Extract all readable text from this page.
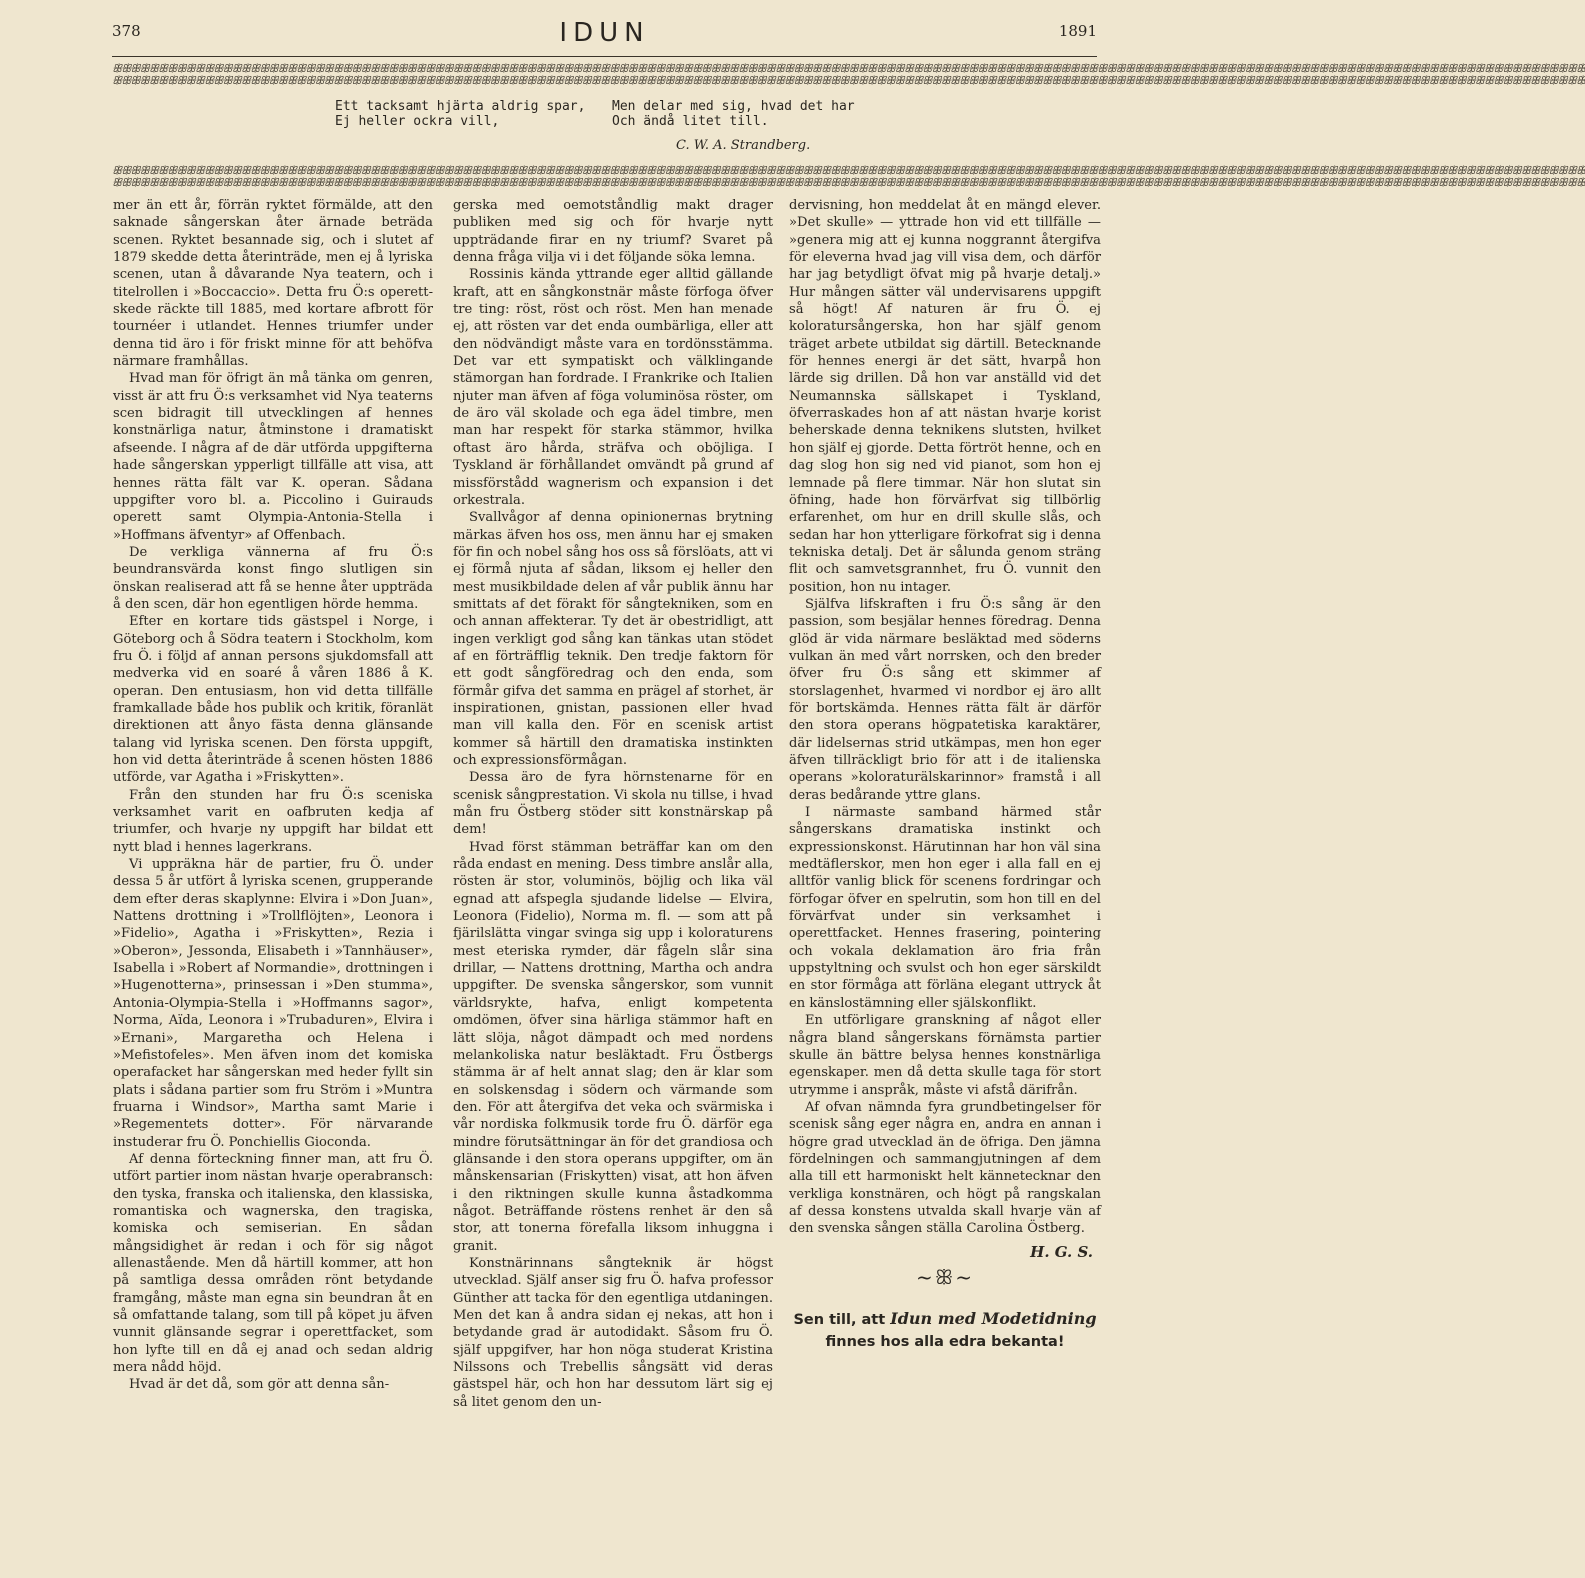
378	IDUN	1891
ꕥꕥꕥꕥꕥꕥꕥꕥꕥꕥꕥꕥꕥꕥꕥꕥꕥꕥꕥꕥꕥꕥꕥꕥꕥꕥꕥꕥꕥꕥꕥꕥꕥꕥꕥꕥꕥꕥꕥꕥꕥꕥꕥꕥꕥꕥꕥꕥꕥꕥꕥꕥꕥꕥꕥꕥꕥꕥꕥꕥꕥꕥꕥꕥꕥꕥꕥꕥꕥꕥꕥꕥꕥꕥꕥꕥꕥꕥꕥꕥꕥꕥꕥꕥꕥꕥꕥꕥꕥꕥꕥꕥꕥꕥꕥꕥꕥꕥꕥꕥꕥꕥꕥꕥꕥꕥꕥꕥꕥꕥꕥꕥꕥꕥꕥꕥꕥꕥꕥꕥꕥꕥꕥꕥꕥꕥꕥꕥꕥꕥꕥꕥꕥꕥꕥꕥꕥꕥꕥꕥꕥꕥꕥꕥꕥꕥꕥꕥꕥꕥꕥꕥꕥꕥꕥꕥꕥꕥꕥꕥ
ꕥꕥꕥꕥꕥꕥꕥꕥꕥꕥꕥꕥꕥꕥꕥꕥꕥꕥꕥꕥꕥꕥꕥꕥꕥꕥꕥꕥꕥꕥꕥꕥꕥꕥꕥꕥꕥꕥꕥꕥꕥꕥꕥꕥꕥꕥꕥꕥꕥꕥꕥꕥꕥꕥꕥꕥꕥꕥꕥꕥꕥꕥꕥꕥꕥꕥꕥꕥꕥꕥꕥꕥꕥꕥꕥꕥꕥꕥꕥꕥꕥꕥꕥꕥꕥꕥꕥꕥꕥꕥꕥꕥꕥꕥꕥꕥꕥꕥꕥꕥꕥꕥꕥꕥꕥꕥꕥꕥꕥꕥꕥꕥꕥꕥꕥꕥꕥꕥꕥꕥꕥꕥꕥꕥꕥꕥꕥꕥꕥꕥꕥꕥꕥꕥꕥꕥꕥꕥꕥꕥꕥꕥꕥꕥꕥꕥꕥꕥꕥꕥꕥꕥꕥꕥꕥꕥꕥꕥꕥꕥ
Ett tacksamt hjärta aldrig spar,
Ej heller ockra vill,
Men delar med sig, hvad det har
Och ändå litet till.
C. W. A. Strandberg.
ꕥꕥꕥꕥꕥꕥꕥꕥꕥꕥꕥꕥꕥꕥꕥꕥꕥꕥꕥꕥꕥꕥꕥꕥꕥꕥꕥꕥꕥꕥꕥꕥꕥꕥꕥꕥꕥꕥꕥꕥꕥꕥꕥꕥꕥꕥꕥꕥꕥꕥꕥꕥꕥꕥꕥꕥꕥꕥꕥꕥꕥꕥꕥꕥꕥꕥꕥꕥꕥꕥꕥꕥꕥꕥꕥꕥꕥꕥꕥꕥꕥꕥꕥꕥꕥꕥꕥꕥꕥꕥꕥꕥꕥꕥꕥꕥꕥꕥꕥꕥꕥꕥꕥꕥꕥꕥꕥꕥꕥꕥꕥꕥꕥꕥꕥꕥꕥꕥꕥꕥꕥꕥꕥꕥꕥꕥꕥꕥꕥꕥꕥꕥꕥꕥꕥꕥꕥꕥꕥꕥꕥꕥꕥꕥꕥꕥꕥꕥꕥꕥꕥꕥꕥꕥꕥꕥꕥꕥꕥꕥ
ꕥꕥꕥꕥꕥꕥꕥꕥꕥꕥꕥꕥꕥꕥꕥꕥꕥꕥꕥꕥꕥꕥꕥꕥꕥꕥꕥꕥꕥꕥꕥꕥꕥꕥꕥꕥꕥꕥꕥꕥꕥꕥꕥꕥꕥꕥꕥꕥꕥꕥꕥꕥꕥꕥꕥꕥꕥꕥꕥꕥꕥꕥꕥꕥꕥꕥꕥꕥꕥꕥꕥꕥꕥꕥꕥꕥꕥꕥꕥꕥꕥꕥꕥꕥꕥꕥꕥꕥꕥꕥꕥꕥꕥꕥꕥꕥꕥꕥꕥꕥꕥꕥꕥꕥꕥꕥꕥꕥꕥꕥꕥꕥꕥꕥꕥꕥꕥꕥꕥꕥꕥꕥꕥꕥꕥꕥꕥꕥꕥꕥꕥꕥꕥꕥꕥꕥꕥꕥꕥꕥꕥꕥꕥꕥꕥꕥꕥꕥꕥꕥꕥꕥꕥꕥꕥꕥꕥꕥꕥꕥ

mer än ett år, förrän ryktet förmälde, att den saknade sångerskan åter ärnade beträda scenen. Ryktet besannade sig, och i slutet af 1879 skedde detta återinträde, men ej å lyriska scenen, utan å dåvarande Nya teatern, och i titelrollen i »Boccaccio». Detta fru Ö:s operett-skede räckte till 1885, med kortare afbrott för tournéer i utlandet. Hennes triumfer under denna tid äro i för friskt minne för att behöfva närmare framhållas.

Hvad man för öfrigt än må tänka om genren, visst är att fru Ö:s verksamhet vid Nya teaterns scen bidragit till utvecklingen af hennes konstnärliga natur, åtminstone i dramatiskt afseende. I några af de där utförda uppgifterna hade sångerskan ypperligt tillfälle att visa, att hennes rätta fält var K. operan. Sådana uppgifter voro bl. a. Piccolino i Guirauds operett samt Olympia-Antonia-Stella i »Hoffmans äfventyr» af Offenbach.

De verkliga vännerna af fru Ö:s beundransvärda konst fingo slutligen sin önskan realiserad att få se henne åter uppträda å den scen, där hon egentligen hörde hemma.

Efter en kortare tids gästspel i Norge, i Göteborg och å Södra teatern i Stockholm, kom fru Ö. i följd af annan persons sjukdomsfall att medverka vid en soaré å våren 1886 å K. operan. Den entusiasm, hon vid detta tillfälle framkallade både hos publik och kritik, föranlät direktionen att ånyo fästa denna glänsande talang vid lyriska scenen. Den första uppgift, hon vid detta återinträde å scenen hösten 1886 utförde, var Agatha i »Friskytten».

Från den stunden har fru Ö:s sceniska verksamhet varit en oafbruten kedja af triumfer, och hvarje ny uppgift har bildat ett nytt blad i hennes lagerkrans.

Vi uppräkna här de partier, fru Ö. under dessa 5 år utfört å lyriska scenen, grupperande dem efter deras skaplynne: Elvira i »Don Juan», Nattens drottning i »Trollflöjten», Leonora i »Fidelio», Agatha i »Friskytten», Rezia i »Oberon», Jessonda, Elisabeth i »Tannhäuser», Isabella i »Robert af Normandie», drottningen i »Hugenotterna», prinsessan i »Den stumma», Antonia-Olympia-Stella i »Hoffmanns sagor», Norma, Aïda, Leonora i »Trubaduren», Elvira i »Ernani», Margaretha och Helena i »Mefistofeles». Men äfven inom det komiska operafacket har sångerskan med heder fyllt sin plats i sådana partier som fru Ström i »Muntra fruarna i Windsor», Martha samt Marie i »Regementets dotter». För närvarande instuderar fru Ö. Ponchiellis Gioconda.

Af denna förteckning finner man, att fru Ö. utfört partier inom nästan hvarje operabransch: den tyska, franska och italienska, den klassiska, romantiska och wagnerska, den tragiska, komiska och semiserian. En sådan mångsidighet är redan i och för sig något allenastående. Men då härtill kommer, att hon på samtliga dessa områden rönt betydande framgång, måste man egna sin beundran åt en så omfattande talang, som till på köpet ju äfven vunnit glänsande segrar i operettfacket, som hon lyfte till en då ej anad och sedan aldrig mera nådd höjd.

Hvad är det då, som gör att denna sån-

gerska med oemotståndlig makt drager publiken med sig och för hvarje nytt uppträdande firar en ny triumf? Svaret på denna fråga vilja vi i det följande söka lemna.

Rossinis kända yttrande eger alltid gällande kraft, att en sångkonstnär måste förfoga öfver tre ting: röst, röst och röst. Men han menade ej, att rösten var det enda oumbärliga, eller att den nödvändigt måste vara en tordönsstämma. Det var ett sympatiskt och välklingande stämorgan han fordrade. I Frankrike och Italien njuter man äfven af föga voluminösa röster, om de äro väl skolade och ega ädel timbre, men man har respekt för starka stämmor, hvilka oftast äro hårda, sträfva och oböjliga. I Tyskland är förhållandet omvändt på grund af missförstådd wagnerism och expansion i det orkestrala.

Svallvågor af denna opinionernas brytning märkas äfven hos oss, men ännu har ej smaken för fin och nobel sång hos oss så förslöats, att vi ej förmå njuta af sådan, liksom ej heller den mest musikbildade delen af vår publik ännu har smittats af det förakt för sångtekniken, som en och annan affekterar. Ty det är obestridligt, att ingen verkligt god sång kan tänkas utan stödet af en förträfflig teknik. Den tredje faktorn för ett godt sångföredrag och den enda, som förmår gifva det samma en prägel af storhet, är inspirationen, gnistan, passionen eller hvad man vill kalla den. För en scenisk artist kommer så härtill den dramatiska instinkten och expressionsförmågan.

Dessa äro de fyra hörnstenarne för en scenisk sångprestation. Vi skola nu tillse, i hvad mån fru Östberg stöder sitt konstnärskap på dem!

Hvad först stämman beträffar kan om den råda endast en mening. Dess timbre anslår alla, rösten är stor, voluminös, böjlig och lika väl egnad att afspegla sjudande lidelse — Elvira, Leonora (Fidelio), Norma m. fl. — som att på fjärilslätta vingar svinga sig upp i koloraturens mest eteriska rymder, där fågeln slår sina drillar, — Nattens drottning, Martha och andra uppgifter. De svenska sångerskor, som vunnit världsrykte, hafva, enligt kompetenta omdömen, öfver sina härliga stämmor haft en lätt slöja, något dämpadt och med nordens melankoliska natur besläktadt. Fru Östbergs stämma är af helt annat slag; den är klar som en solskensdag i södern och värmande som den. För att återgifva det veka och svärmiska i vår nordiska folkmusik torde fru Ö. därför ega mindre förutsättningar än för det grandiosa och glänsande i den stora operans uppgifter, om än månskensarian (Friskytten) visat, att hon äfven i den riktningen skulle kunna åstadkomma något. Beträffande röstens renhet är den så stor, att tonerna förefalla liksom inhuggna i granit.

Konstnärinnans sångteknik är högst utvecklad. Själf anser sig fru Ö. hafva professor Günther att tacka för den egentliga utdaningen. Men det kan å andra sidan ej nekas, att hon i betydande grad är autodidakt. Såsom fru Ö. själf uppgifver, har hon nöga studerat Kristina Nilssons och Trebellis sångsätt vid deras gästspel här, och hon har dessutom lärt sig ej så litet genom den un-

dervisning, hon meddelat åt en mängd elever. »Det skulle» — yttrade hon vid ett tillfälle — »genera mig att ej kunna noggrannt återgifva för eleverna hvad jag vill visa dem, och därför har jag betydligt öfvat mig på hvarje detalj.» Hur mången sätter väl undervisarens uppgift så högt! Af naturen är fru Ö. ej koloratursångerska, hon har själf genom träget arbete utbildat sig därtill. Betecknande för hennes energi är det sätt, hvarpå hon lärde sig drillen. Då hon var anställd vid det Neumannska sällskapet i Tyskland, öfverraskades hon af att nästan hvarje korist beherskade denna teknikens slutsten, hvilket hon själf ej gjorde. Detta förtröt henne, och en dag slog hon sig ned vid pianot, som hon ej lemnade på flere timmar. När hon slutat sin öfning, hade hon förvärfvat sig tillbörlig erfarenhet, om hur en drill skulle slås, och sedan har hon ytterligare förkofrat sig i denna tekniska detalj. Det är sålunda genom sträng flit och samvetsgrannhet, fru Ö. vunnit den position, hon nu intager.

Själfva lifskraften i fru Ö:s sång är den passion, som besjälar hennes föredrag. Denna glöd är vida närmare besläktad med söderns vulkan än med vårt norrsken, och den breder öfver fru Ö:s sång ett skimmer af storslagenhet, hvarmed vi nordbor ej äro allt för bortskämda. Hennes rätta fält är därför den stora operans högpatetiska karaktärer, där lidelsernas strid utkämpas, men hon eger äfven tillräckligt brio för att i de italienska operans »koloraturälskarinnor» framstå i all deras bedårande yttre glans.

I närmaste samband härmed står sångerskans dramatiska instinkt och expressionskonst. Härutinnan har hon väl sina medtäflerskor, men hon eger i alla fall en ej alltför vanlig blick för scenens fordringar och förfogar öfver en spelrutin, som hon till en del förvärfvat under sin verksamhet i operettfacket. Hennes frasering, pointering och vokala deklamation äro fria från uppstyltning och svulst och hon eger särskildt en stor förmåga att förläna elegant uttryck åt en känslostämning eller själskonflikt.

En utförligare granskning af något eller några bland sångerskans förnämsta partier skulle än bättre belysa hennes konstnärliga egenskaper. men då detta skulle taga för stort utrymme i anspråk, måste vi afstå därifrån.

Af ofvan nämnda fyra grundbetingelser för scenisk sång eger några en, andra en annan i högre grad utvecklad än de öfriga. Den jämna fördelningen och sammangjutningen af dem alla till ett harmoniskt helt kännetecknar den verkliga konstnären, och högt på rangskalan af dessa konstens utvalda skall hvarje vän af den svenska sången ställa Carolina Östberg.

H. G. S.
~ꕥ~
Sen till, att Idun med Modetidning
finnes hos alla edra bekanta!
